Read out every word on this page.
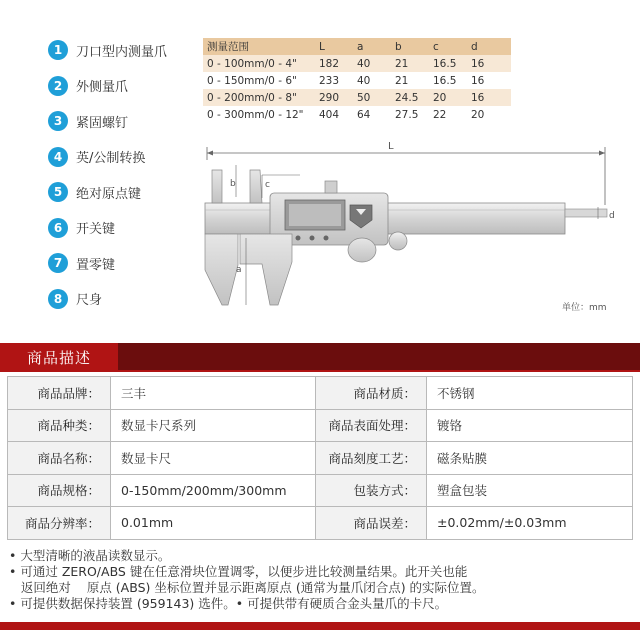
1	刀口型内测量爪
2	外侧量爪
3	紧固螺钉
4	英/公制转换
5	绝对原点键
6	开关键
7	置零键
8	尺身
测量范围	L	a	b	c	d
0 - 100mm/0 - 4"	182	40	21	16.5	16
0 - 150mm/0 - 6"	233	40	21	16.5	16
0 - 200mm/0 - 8"	290	50	24.5	20	16
0 - 300mm/0 - 12"	404	64	27.5	22	20
L
d
b	c
a
单位：mm
商品描述
商品品牌：	三丰	商品材质：	不锈钢
商品种类：	数显卡尺系列	商品表面处理：	镀铬
商品名称：	数显卡尺	商品刻度工艺：	磁条贴膜
商品规格：	0-150mm/200mm/300mm	包装方式：	塑盒包装
商品分辨率：	0.01mm	商品误差：	±0.02mm/±0.03mm
• 大型清晰的液晶读数显示。
• 可通过 ZERO/ABS 键在任意滑块位置调零，以便步进比较测量结果。此开关也能
返回绝对    原点 (ABS) 坐标位置并显示距离原点 (通常为量爪闭合点) 的实际位置。
• 可提供数据保持装置 (959143) 选件。• 可提供带有硬质合金头量爪的卡尺。
